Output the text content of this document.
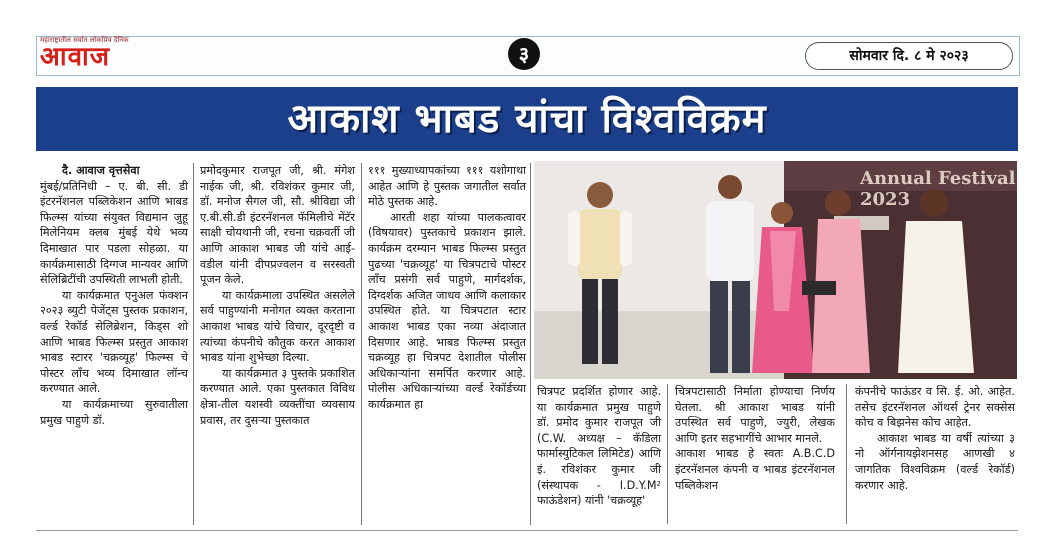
महाराष्ट्रातील सर्वात लोकप्रिय दैनिक
आवाज	३	सोमवार दि. ८ मे २०२३
आकाश भाबड यांचा विश्वविक्रम

दै. आवाज वृत्तसेवा

मुंबई/प्रतिनिधी – ए. बी. सी. डी इंटरनॅशनल पब्लिकेशन आणि भाबड फिल्म्स यांच्या संयुक्त विद्यमान जुहू मिलेनियम क्लब मुंबई येथे भव्य दिमाखात पार पडला सोहळा. या कार्यक्रमासाठी दिग्गज मान्यवर आणि सेलिब्रिटींची उपस्थिती लाभली होती.

या कार्यक्रमात एनुअल फंक्शन २०२३ ब्युटी पेजेंट्स पुस्तक प्रकाशन, वर्ल्ड रेकॉर्ड सेलिब्रेशन, किड्स शो आणि भाबड फिल्म्स प्रस्तुत आकाश भाबड स्टारर 'चक्रव्यूह' फिल्म्स चे पोस्टर लॉंच भव्य दिमाखात लॉन्च करण्यात आले.

या कार्यक्रमाच्या सुरुवातीला प्रमुख पाहुणे डॉ.

प्रमोदकुमार राजपूत जी, श्री. मंगेश नाईक जी, श्री. रविशंकर कुमार जी, डॉ. मनोज सैगल जी, सौ. श्रीविद्या जी ए.बी.सी.डी इंटरनॅशनल फॅमिलीचे मेंटॅर साक्षी चोयथानी जी, रचना चक्रवर्ती जी आणि आकाश भाबड जी यांचे आई- वडील यांनी दीपप्रज्वलन व सरस्वती पूजन केले.

या कार्यक्रमाला उपस्थित असलेले सर्व पाहुण्यांनी मनोगत व्यक्त करताना आकाश भाबड यांचे विचार, दूरदृष्टी व त्यांच्या कंपनीचे कौतुक करत आकाश भाबड यांना शुभेच्छा दिल्या.

या कार्यक्रमात ३ पुस्तके प्रकाशित करण्यात आले. एका पुस्तकात विविध क्षेत्रा-तील यशस्वी व्यक्तींचा व्यवसाय प्रवास, तर दुसऱ्या पुस्तकात

१११ मुख्याध्यापकांच्या १११ यशोगाथा आहेत आणि हे पुस्तक जगातील सर्वात मोठे पुस्तक आहे.

आरती शहा यांच्या पालकत्वावर (विषयावर) पुस्तकाचे प्रकाशन झाले. कार्यक्रम दरम्यान भाबड फिल्म्स प्रस्तुत पुढच्या 'चक्रव्यूह' या चित्रपटाचे पोस्टर लॉंच प्रसंगी सर्व पाहुणे, मार्गदर्शक, दिग्दर्शक अजित जाधव आणि कलाकार उपस्थित होते. या चित्रपटात स्टार आकाश भाबड एका नव्या अंदाजात दिसणार आहे. भाबड फिल्म्स प्रस्तुत चक्रव्यूह हा चित्रपट देशातील पोलीस अधिकाऱ्यांना समर्पित करणार आहे. पोलीस अधिकाऱ्यांच्या वर्ल्ड रेकॉर्डच्या कार्यक्रमात हा

Annual Festival 2023

चित्रपट प्रदर्शित होणार आहे. या कार्यक्रमात प्रमुख पाहुणे डॉ. प्रमोद कुमार राजपूत जी (C.W. अध्यक्ष – कॅडिला फार्मास्युटिकल लिमिटेड) आणि इं. रविशंकर कुमार जी (संस्थापक - I.D.Y.M² फाऊंडेशन) यांनी 'चक्रव्यूह'

चित्रपटासाठी निर्माता होण्याचा निर्णय घेतला. श्री आकाश भाबड यांनी उपस्थित सर्व पाहुणे, ज्युरी, लेखक आणि इतर सहभागींचे आभार मानले.

आकाश भाबड हे स्वतः A.B.C.D इंटरनॅशनल कंपनी व भाबड इंटरनॅशनल पब्लिकेशन

कंपनीचे फाऊंडर व सि. ई. ओ. आहेत. तसेच इंटरनॅशनल ऑथर्स ट्रेनर सक्सेस कोच व बिझनेस कोच आहेत.

आकाश भाबड या वर्षी त्यांच्या ३ नो ऑर्गनायझेशनसह आणखी ४ जागतिक विश्वविक्रम (वर्ल्ड रेकॉर्ड) करणार आहे.
